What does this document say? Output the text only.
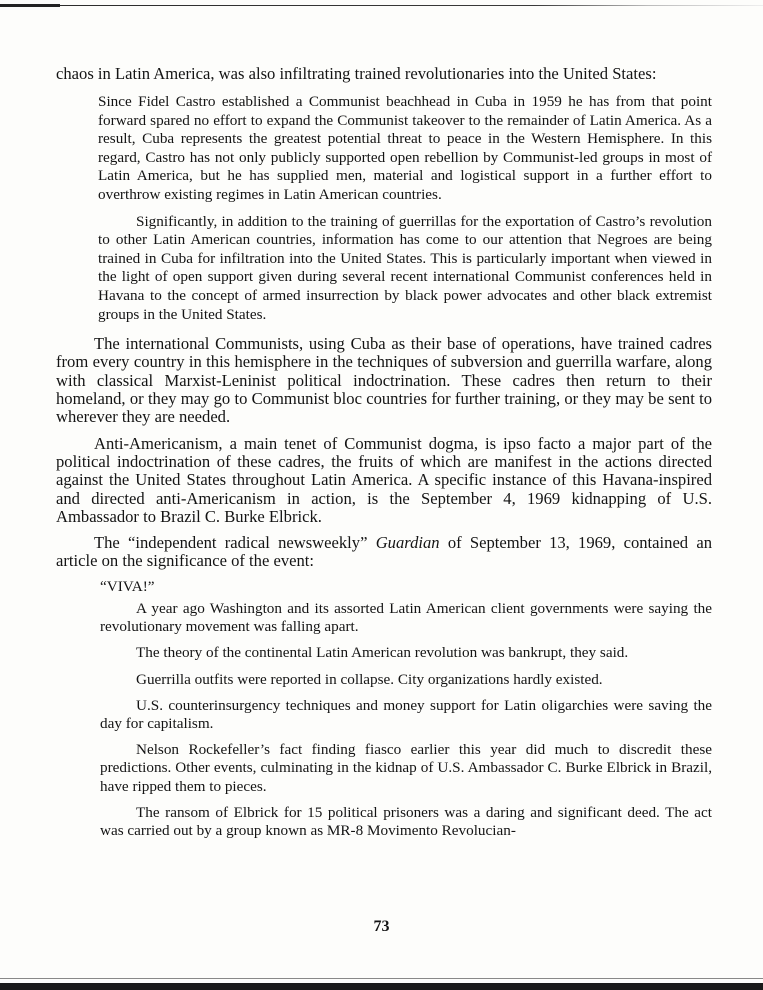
chaos in Latin America, was also infiltrating trained revolutionaries into the United States:

Since Fidel Castro established a Communist beachhead in Cuba in 1959 he has from that point forward spared no effort to expand the Communist takeover to the remainder of Latin America. As a result, Cuba represents the greatest potential threat to peace in the Western Hemisphere. In this regard, Castro has not only publicly supported open rebellion by Communist-led groups in most of Latin America, but he has supplied men, material and logistical support in a further effort to overthrow existing regimes in Latin American countries.

Significantly, in addition to the training of guerrillas for the exportation of Castro’s revolution to other Latin American countries, information has come to our attention that Negroes are being trained in Cuba for infiltration into the United States. This is particularly important when viewed in the light of open support given during several recent international Communist conferences held in Havana to the concept of armed insurrection by black power advocates and other black extremist groups in the United States.

The international Communists, using Cuba as their base of operations, have trained cadres from every country in this hemisphere in the techniques of subversion and guerrilla warfare, along with classical Marxist-Leninist political indoctrination. These cadres then return to their homeland, or they may go to Communist bloc countries for further training, or they may be sent to wherever they are needed.

Anti-Americanism, a main tenet of Communist dogma, is ipso facto a major part of the political indoctrination of these cadres, the fruits of which are manifest in the actions directed against the United States throughout Latin America. A specific instance of this Havana-inspired and directed anti-Americanism in action, is the September 4, 1969 kidnapping of U.S. Ambassador to Brazil C. Burke Elbrick.

The “independent radical newsweekly” Guardian of September 13, 1969, contained an article on the significance of the event:

“VIVA!”

A year ago Washington and its assorted Latin American client governments were saying the revolutionary movement was falling apart.

The theory of the continental Latin American revolution was bankrupt, they said.

Guerrilla outfits were reported in collapse. City organizations hardly existed.

U.S. counterinsurgency techniques and money support for Latin oligarchies were saving the day for capitalism.

Nelson Rockefeller’s fact finding fiasco earlier this year did much to discredit these predictions. Other events, culminating in the kidnap of U.S. Ambassador C. Burke Elbrick in Brazil, have ripped them to pieces.

The ransom of Elbrick for 15 political prisoners was a daring and significant deed. The act was carried out by a group known as MR-8 Movimento Revolucian-

73
